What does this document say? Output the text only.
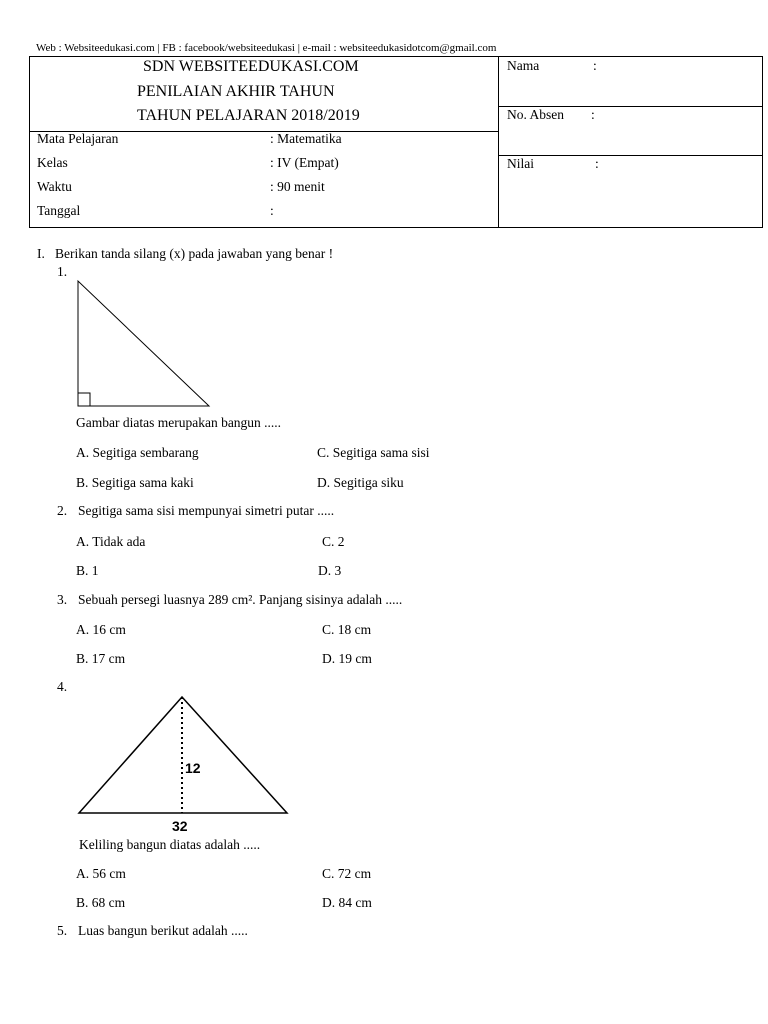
Web : Websiteedukasi.com | FB : facebook/websiteedukasi | e-mail : websiteedukasidotcom@gmail.com
SDN WEBSITEEDUKASI.COM
PENILAIAN AKHIR TAHUN
TAHUN PELAJARAN 2018/2019
Nama	:
No. Absen :
Nilai	:
Mata Pelajaran	: Matematika
Kelas	: IV (Empat)
Waktu	: 90 menit
Tanggal	:
I. Berikan tanda silang (x) pada jawaban yang benar !
1.
Gambar diatas merupakan bangun .....
A. Segitiga sembarang	C. Segitiga sama sisi
B. Segitiga sama kaki	D. Segitiga siku
2. Segitiga sama sisi mempunyai simetri putar .....
A. Tidak ada	C. 2
B. 1	D. 3
3. Sebuah persegi luasnya 289 cm². Panjang sisinya adalah .....
A. 16 cm	C. 18 cm
B. 17 cm	D. 19 cm
4.
12
32
Keliling bangun diatas adalah .....
A. 56 cm	C. 72 cm
B. 68 cm	D. 84 cm
5. Luas bangun berikut adalah .....
